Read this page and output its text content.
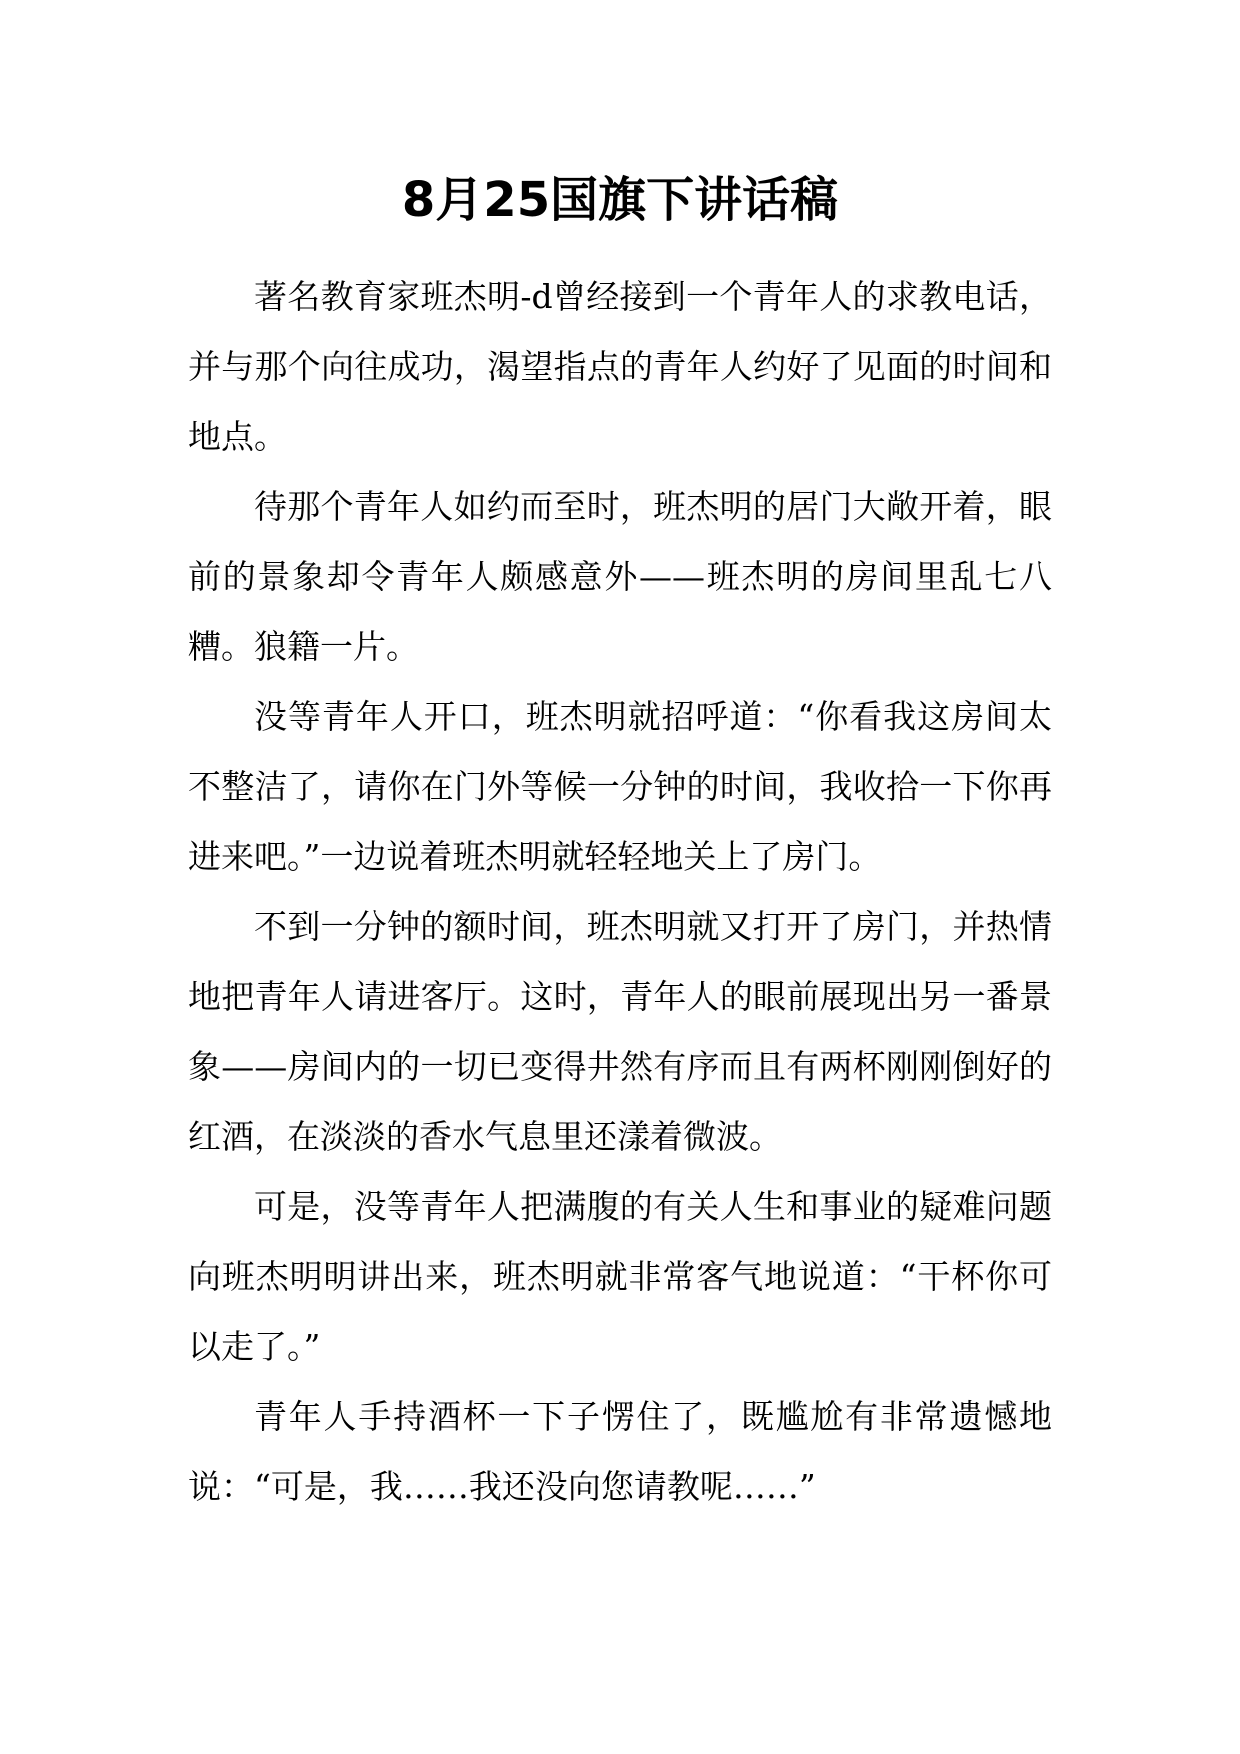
8月25国旗下讲话稿

著名教育家班杰明-d曾经接到一个青年人的求教电话，并与那个向往成功，渴望指点的青年人约好了见面的时间和地点。

待那个青年人如约而至时，班杰明的居门大敞开着，眼前的景象却令青年人颇感意外——班杰明的房间里乱七八糟。狼籍一片。

没等青年人开口，班杰明就招呼道：“你看我这房间太不整洁了，请你在门外等候一分钟的时间，我收拾一下你再进来吧。”一边说着班杰明就轻轻地关上了房门。

不到一分钟的额时间，班杰明就又打开了房门，并热情地把青年人请进客厅。这时，青年人的眼前展现出另一番景象——房间内的一切已变得井然有序而且有两杯刚刚倒好的红酒，在淡淡的香水气息里还漾着微波。

可是，没等青年人把满腹的有关人生和事业的疑难问题向班杰明明讲出来，班杰明就非常客气地说道：“干杯你可以走了。”

青年人手持酒杯一下子愣住了，既尴尬有非常遗憾地说：“可是，我……我还没向您请教呢……”
